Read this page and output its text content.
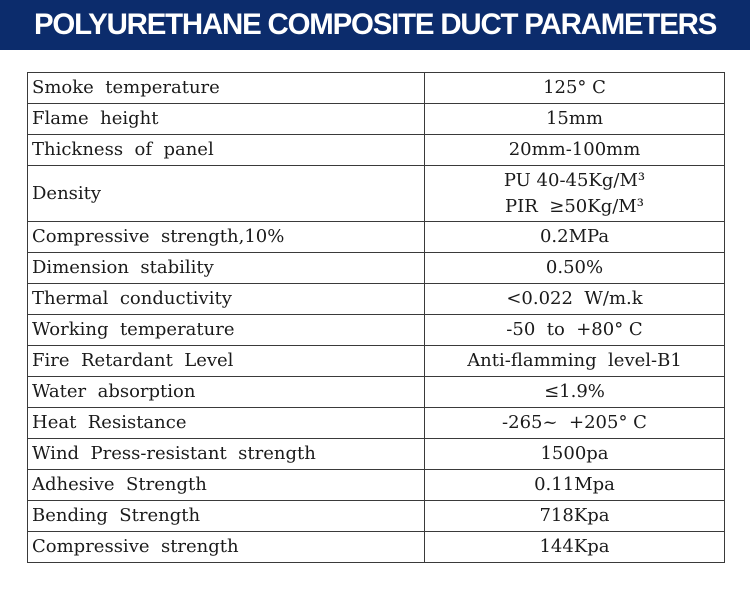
POLYURETHANE COMPOSITE DUCT PARAMETERS
Smoke  temperature	125° C
Flame  height	15mm
Thickness  of  panel	20mm-100mm
Density	PU 40-45Kg/M³
PIR  ≥50Kg/M³

Compressive  strength,10%	0.2MPa
Dimension  stability	0.50%
Thermal  conductivity	<0.022  W/m.k
Working  temperature	-50  to  +80° C
Fire  Retardant  Level	Anti-flamming  level-B1
Water  absorption	≤1.9%
Heat  Resistance	-265~  +205° C
Wind  Press-resistant  strength	1500pa
Adhesive  Strength	0.11Mpa
Bending  Strength	718Kpa
Compressive  strength	144Kpa
